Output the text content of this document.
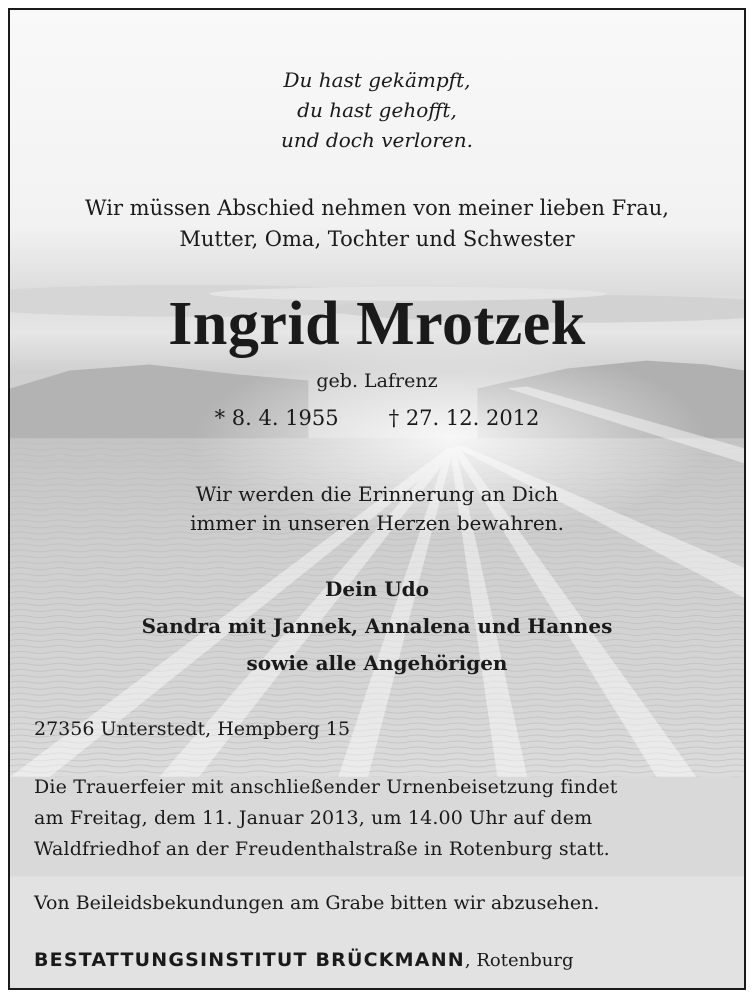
Du hast gekämpft,
du hast gehofft,
und doch verloren.
Wir müssen Abschied nehmen von meiner lieben Frau,
Mutter, Oma, Tochter und Schwester
Ingrid Mrotzek
geb. Lafrenz
* 8. 4. 1955 † 27. 12. 2012
Wir werden die Erinnerung an Dich
immer in unseren Herzen bewahren.
Dein Udo
Sandra mit Jannek, Annalena und Hannes
sowie alle Angehörigen
27356 Unterstedt, Hempberg 15
Die Trauerfeier mit anschließender Urnenbeisetzung findet
am Freitag, dem 11. Januar 2013, um 14.00 Uhr auf dem
Waldfriedhof an der Freudenthalstraße in Rotenburg statt.
Von Beileidsbekundungen am Grabe bitten wir abzusehen.
BESTATTUNGSINSTITUT BRÜCKMANN, Rotenburg
